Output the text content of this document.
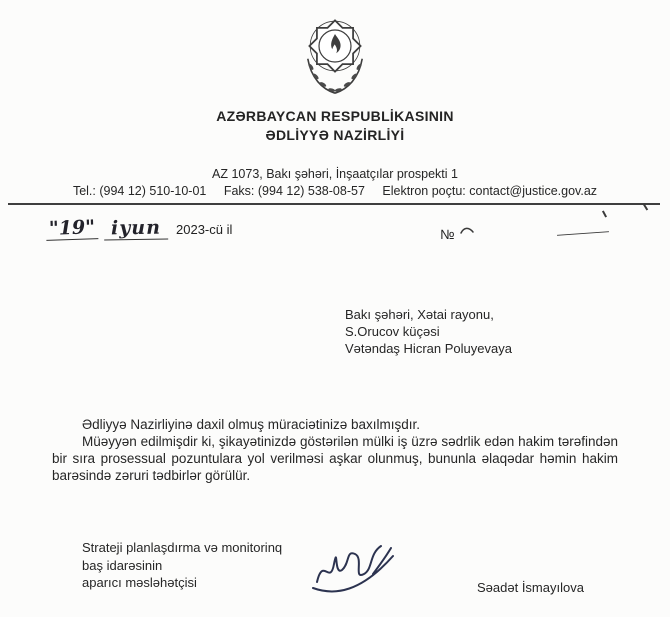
AZƏRBAYCAN RESPUBLİKASININ
ƏDLİYYƏ NAZİRLİYİ
AZ 1073, Bakı şəhəri, İnşaatçılar prospekti 1
Tel.: (994 12) 510-10-01 Faks: (994 12) 538-08-57 Elektron poçtu: contact@justice.gov.az
"19" iyun 2023-cü il	№
Bakı şəhəri, Xətai rayonu,
S.Orucov küçəsi
Vətəndaş Hicran Poluyevaya

Ədliyyə Nazirliyinə daxil olmuş müraciətinizə baxılmışdır.

Müəyyən edilmişdir ki, şikayətinizdə göstərilən mülki iş üzrə sədrlik edən hakim tərəfindən bir sıra prosessual pozuntulara yol verilməsi aşkar olunmuş, bununla əlaqədar həmin hakim barəsində zəruri tədbirlər görülür.

Strateji planlaşdırma və monitorinq
baş idarəsinin
aparıcı məsləhətçisi	Səadət İsmayılova
